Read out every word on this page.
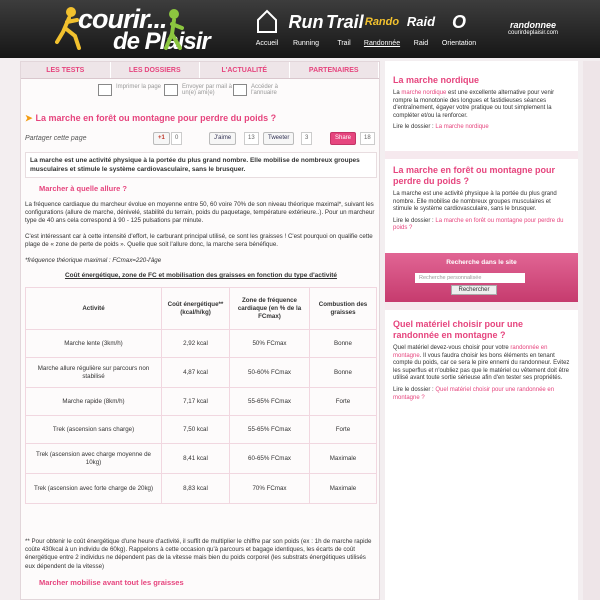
courir...
de Plaisir	Accueil
Run
Running
Trail
Trail
Rando
Randonnée
Raid
Raid
O
Orientation
randonnee
courirdeplaisir.com
LES TESTS	LES DOSSIERS	L'ACTUALITÉ	PARTENAIRES
Imprimer la page	Envoyer par mail à un(e) ami(e)
Accéder à l'annuaire
➤ La marche en forêt ou montagne pour perdre du poids ?
Partager cette page	+1	0	J'aime	13	Tweeter	3	Share	18
La marche est une activité physique à la portée du plus grand nombre. Elle mobilise de nombreux groupes musculaires et stimule le système cardiovasculaire, sans le brusquer.
Marcher à quelle allure ?
La fréquence cardiaque du marcheur évolue en moyenne entre 50, 60 voire 70% de son niveau théorique maximal*, suivant les configurations (allure de marche, dénivelé, stabilité du terrain, poids du paquetage, température extérieure..). Pour un marcheur type de 40 ans cela correspond à 90 - 125 pulsations par minute.
C'est intéressant car à cette intensité d'effort, le carburant principal utilisé, ce sont les graisses ! C'est pourquoi on qualifie cette plage de « zone de perte de poids ». Quelle que soit l'allure donc, la marche sera bénéfique.
*fréquence théorique maximal : FCmax=220-l'âge
Coût énergétique, zone de FC et mobilisation des graisses en fonction du type d'activité
Activité	Coût énergétique** (kcal/h/kg)	Zone de fréquence cardiaque (en % de la FCmax)	Combustion des graisses
Marche lente (3km/h)	2,92 kcal	50% FCmax	Bonne
Marche allure régulière sur parcours non stabilisé	4,87 kcal	50-60% FCmax	Bonne
Marche rapide (8km/h)	7,17 kcal	55-65% FCmax	Forte
Trek (ascension sans charge)	7,50 kcal	55-65% FCmax	Forte
Trek (ascension avec charge moyenne de 10kg)	8,41 kcal	60-65% FCmax	Maximale
Trek (ascension avec forte charge de 20kg)	8,83 kcal	70% FCmax	Maximale
** Pour obtenir le coût énergétique d'une heure d'activité, il suffit de multiplier le chiffre par son poids (ex : 1h de marche rapide coûte 430kcal à un individu de 60kg). Rappelons à cette occasion qu'à parcours et bagage identiques, les écarts de coût énergétique entre 2 individus ne dépendent pas de la vitesse mais bien du poids corporel (les substrats énergétiques utilisés eux dépendent de la vitesse)
Marcher mobilise avant tout les graisses
La marche nordique
La marche nordique est une excellente alternative pour venir rompre la monotonie des longues et fastidieuses séances d'entraînement, égayer votre pratique ou tout simplement la compléter et/ou la renforcer.
Lire le dossier : La marche nordique
La marche en forêt ou montagne pour perdre du poids ?
La marche est une activité physique à la portée du plus grand nombre. Elle mobilise de nombreux groupes musculaires et stimule le système cardiovasculaire, sans le brusquer.
Lire le dossier : La marche en forêt ou montagne pour perdre du poids ?
Recherche dans le site
Recherche personnalisée
Rechercher
Quel matériel choisir pour une randonnée en montagne ?
Quel matériel devez-vous choisir pour votre randonnée en montagne. Il vous faudra choisir les bons éléments en tenant compte du poids, car ce sera le pire ennemi du randonneur. Evitez les superflus et n'oubliez pas que le matériel ou vêtement doit être utilisé avant toute sortie sérieuse afin d'en tester ses propriétés.
Lire le dossier : Quel matériel choisir pour une randonnée en montagne ?
